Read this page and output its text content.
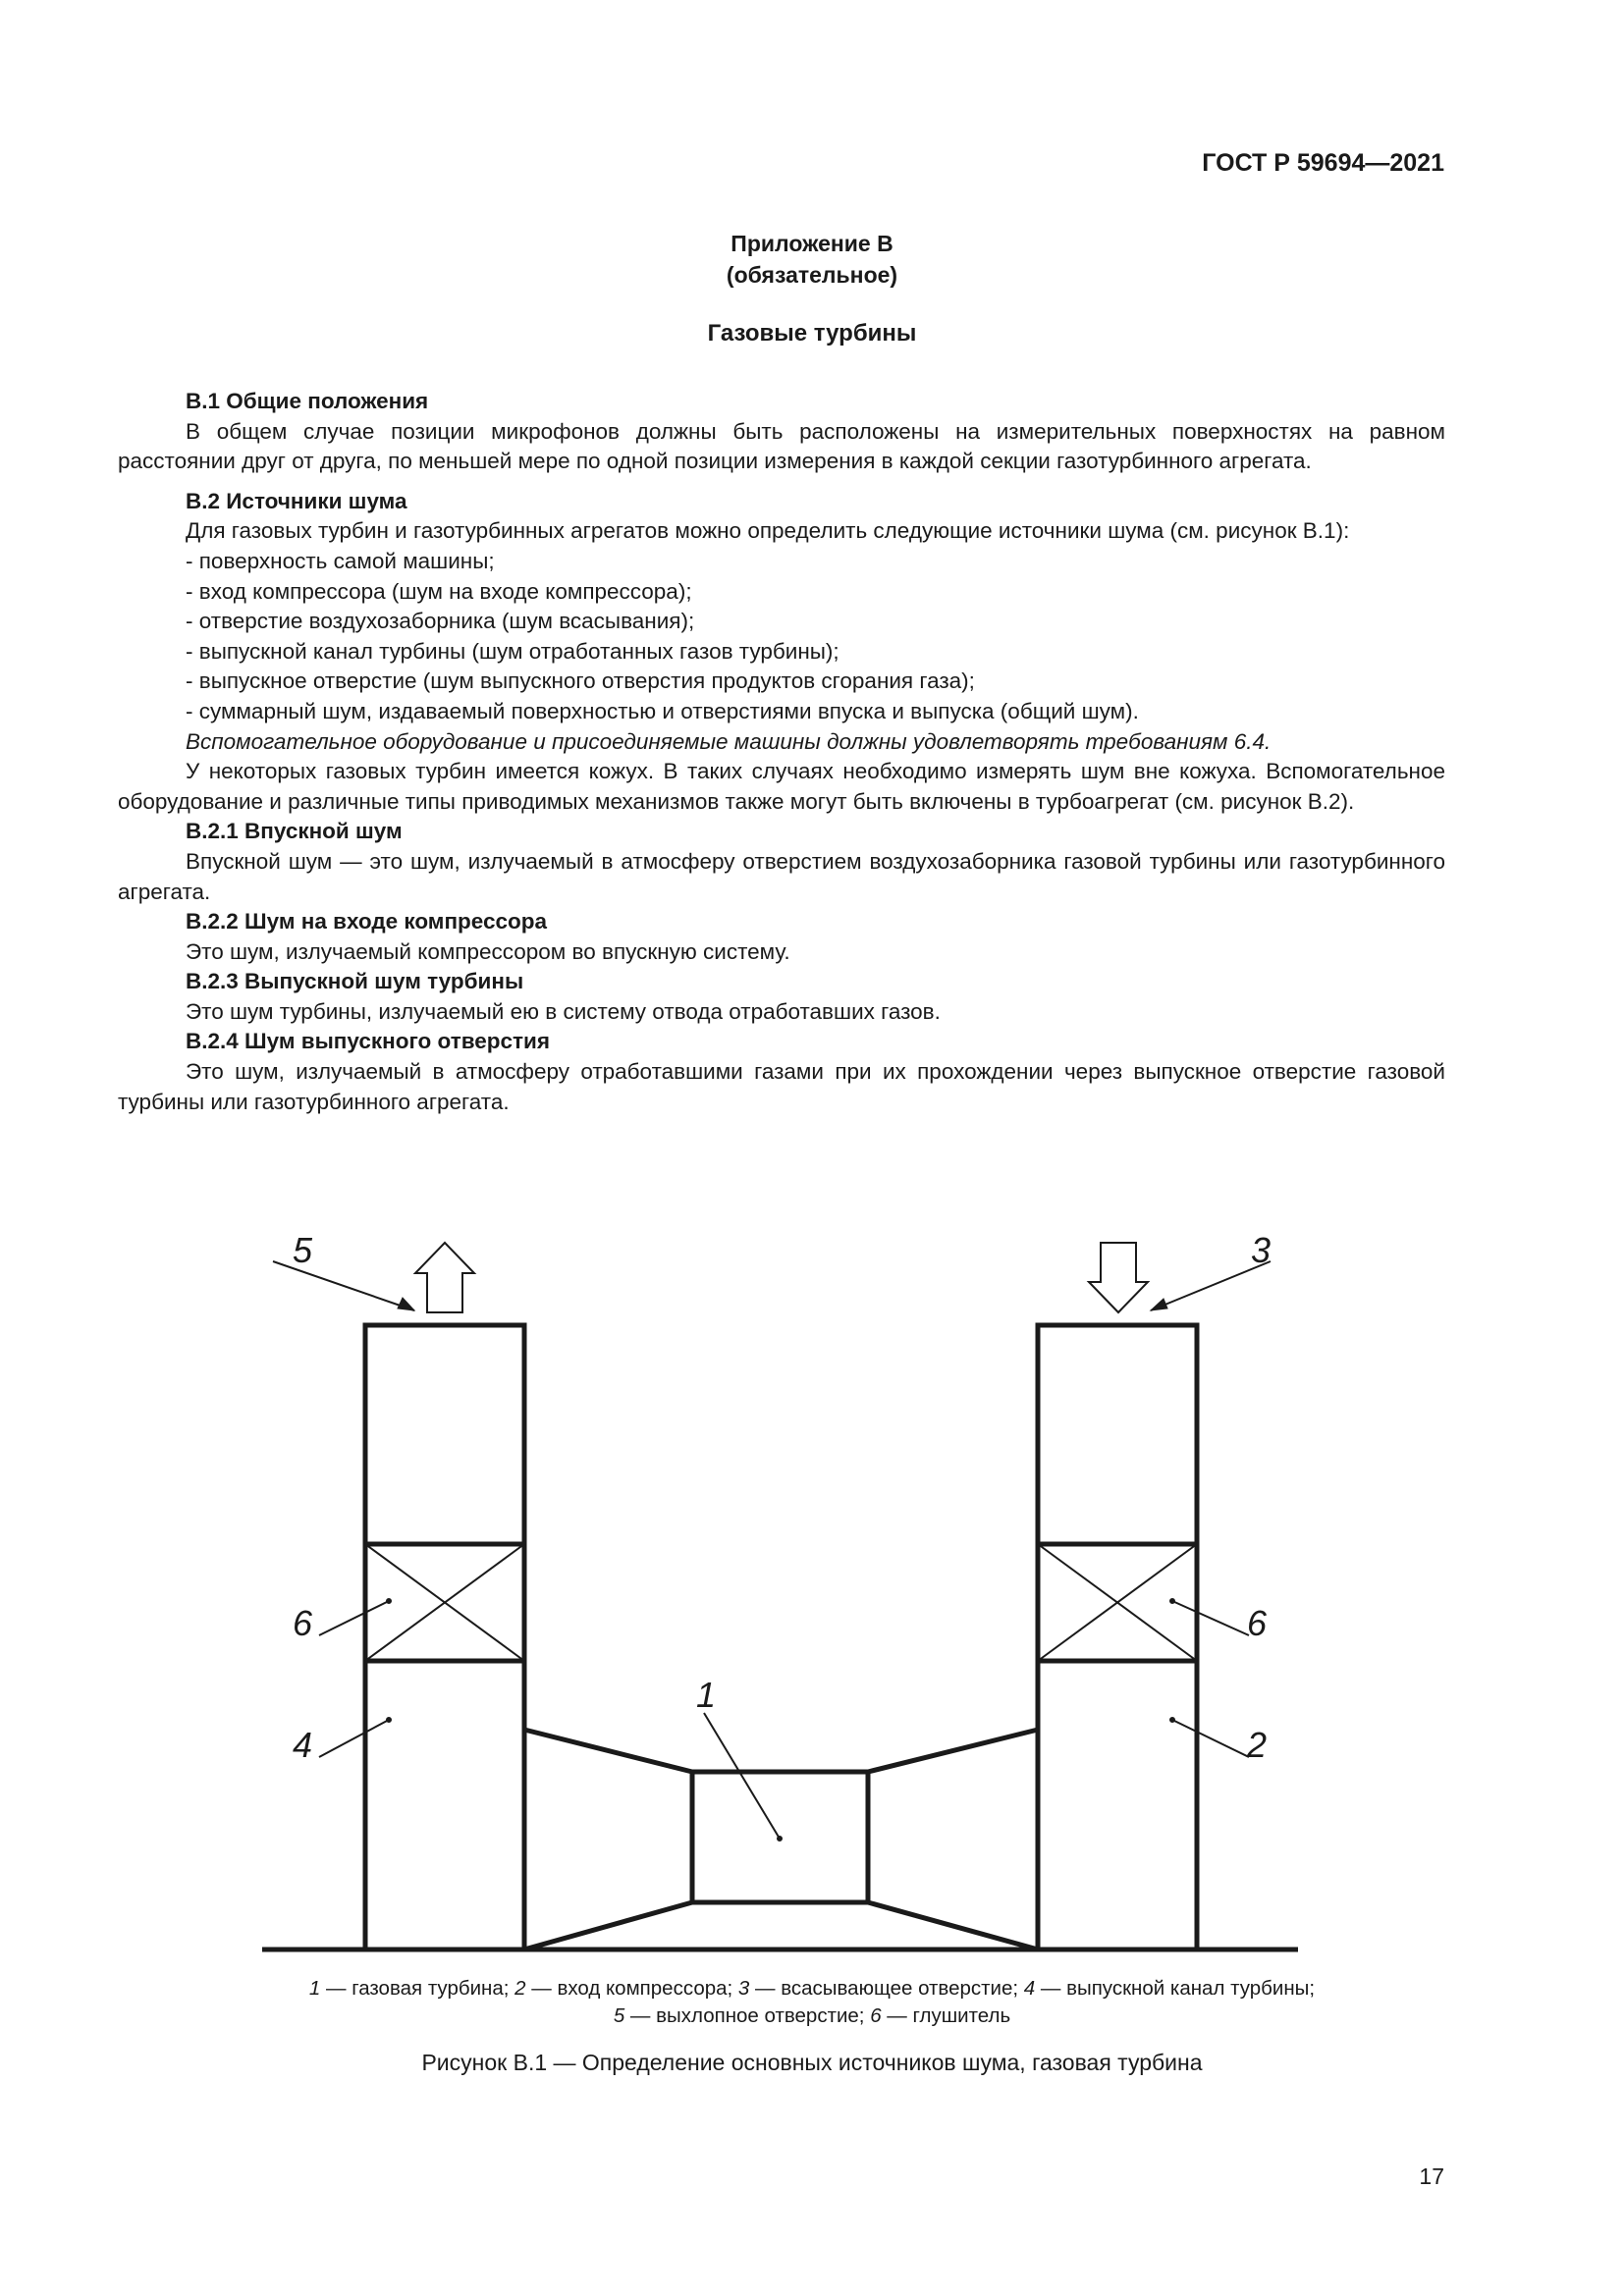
ГОСТ Р 59694—2021
Приложение В
(обязательное)
Газовые турбины

В.1 Общие положения

В общем случае позиции микрофонов должны быть расположены на измерительных поверхностях на равном расстоянии друг от друга, по меньшей мере по одной позиции измерения в каждой секции газотурбинного агрегата.

В.2 Источники шума

Для газовых турбин и газотурбинных агрегатов можно определить следующие источники шума (см. рисунок В.1):

- поверхность самой машины;

- вход компрессора (шум на входе компрессора);

- отверстие воздухозаборника (шум всасывания);

- выпускной канал турбины (шум отработанных газов турбины);

- выпускное отверстие (шум выпускного отверстия продуктов сгорания газа);

- суммарный шум, издаваемый поверхностью и отверстиями впуска и выпуска (общий шум).

Вспомогательное оборудование и присоединяемые машины должны удовлетворять требованиям 6.4.

У некоторых газовых турбин имеется кожух. В таких случаях необходимо измерять шум вне кожуха. Вспомогательное оборудование и различные типы приводимых механизмов также могут быть включены в турбоагрегат (см. рисунок В.2).

В.2.1 Впускной шум

Впускной шум — это шум, излучаемый в атмосферу отверстием воздухозаборника газовой турбины или газотурбинного агрегата.

В.2.2 Шум на входе компрессора

Это шум, излучаемый компрессором во впускную систему.

В.2.3 Выпускной шум турбины

Это шум турбины, излучаемый ею в систему отвода отработавших газов.

В.2.4 Шум выпускного отверстия

Это шум, излучаемый в атмосферу отработавшими газами при их прохождении через выпускное отверстие газовой турбины или газотурбинного агрегата.

5	3
6	6
4	2
1
1 — газовая турбина; 2 — вход компрессора; 3 — всасывающее отверстие; 4 — выпускной канал турбины;
5 — выхлопное отверстие; 6 — глушитель
Рисунок В.1 — Определение основных источников шума, газовая турбина
17
